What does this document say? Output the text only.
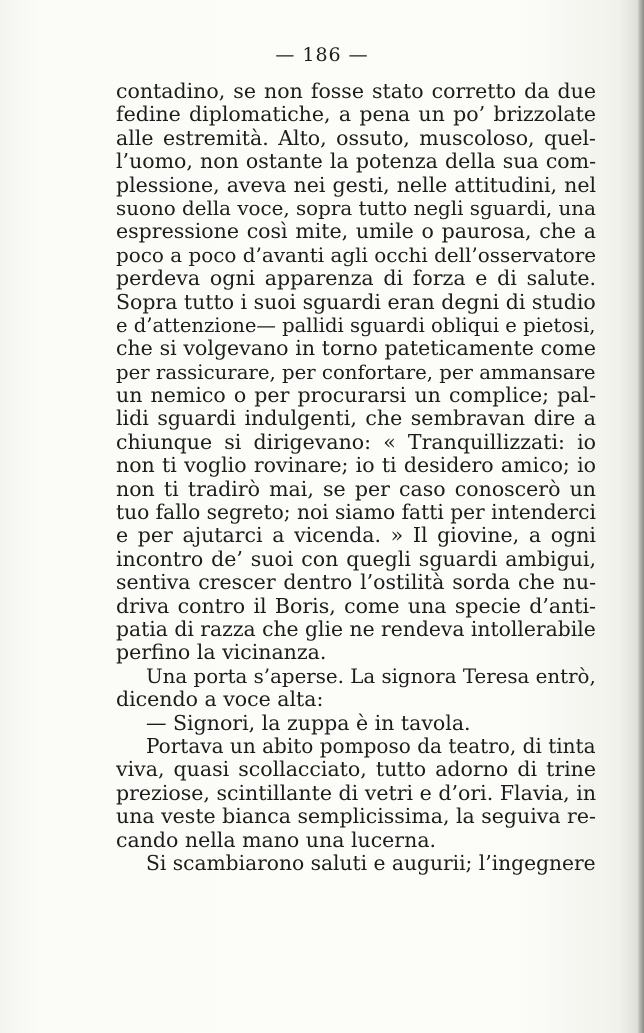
— 186 —
contadino, se non fosse stato corretto da due
fedine diplomatiche, a pena un po’ brizzolate
alle estremità. Alto, ossuto, muscoloso, quel-
l’uomo, non ostante la potenza della sua com-
plessione, aveva nei gesti, nelle attitudini, nel
suono della voce, sopra tutto negli sguardi, una
espressione così mite, umile o paurosa, che a
poco a poco d’avanti agli occhi dell’osservatore
perdeva ogni apparenza di forza e di salute.
Sopra tutto i suoi sguardi eran degni di studio
e d’attenzione— pallidi sguardi obliqui e pietosi,
che si volgevano in torno pateticamente come
per rassicurare, per confortare, per ammansare
un nemico o per procurarsi un complice; pal-
lidi sguardi indulgenti, che sembravan dire a
chiunque si dirigevano: « Tranquillizzati: io
non ti voglio rovinare; io ti desidero amico; io
non ti tradirò mai, se per caso conoscerò un
tuo fallo segreto; noi siamo fatti per intenderci
e per ajutarci a vicenda. » Il giovine, a ogni
incontro de’ suoi con quegli sguardi ambigui,
sentiva crescer dentro l’ostilità sorda che nu-
driva contro il Boris, come una specie d’anti-
patia di razza che glie ne rendeva intollerabile
perfino la vicinanza.
Una porta s’aperse. La signora Teresa entrò,
dicendo a voce alta:
— Signori, la zuppa è in tavola.
Portava un abito pomposo da teatro, di tinta
viva, quasi scollacciato, tutto adorno di trine
preziose, scintillante di vetri e d’ori. Flavia, in
una veste bianca semplicissima, la seguiva re-
cando nella mano una lucerna.
Si scambiarono saluti e augurii; l’ingegnere
